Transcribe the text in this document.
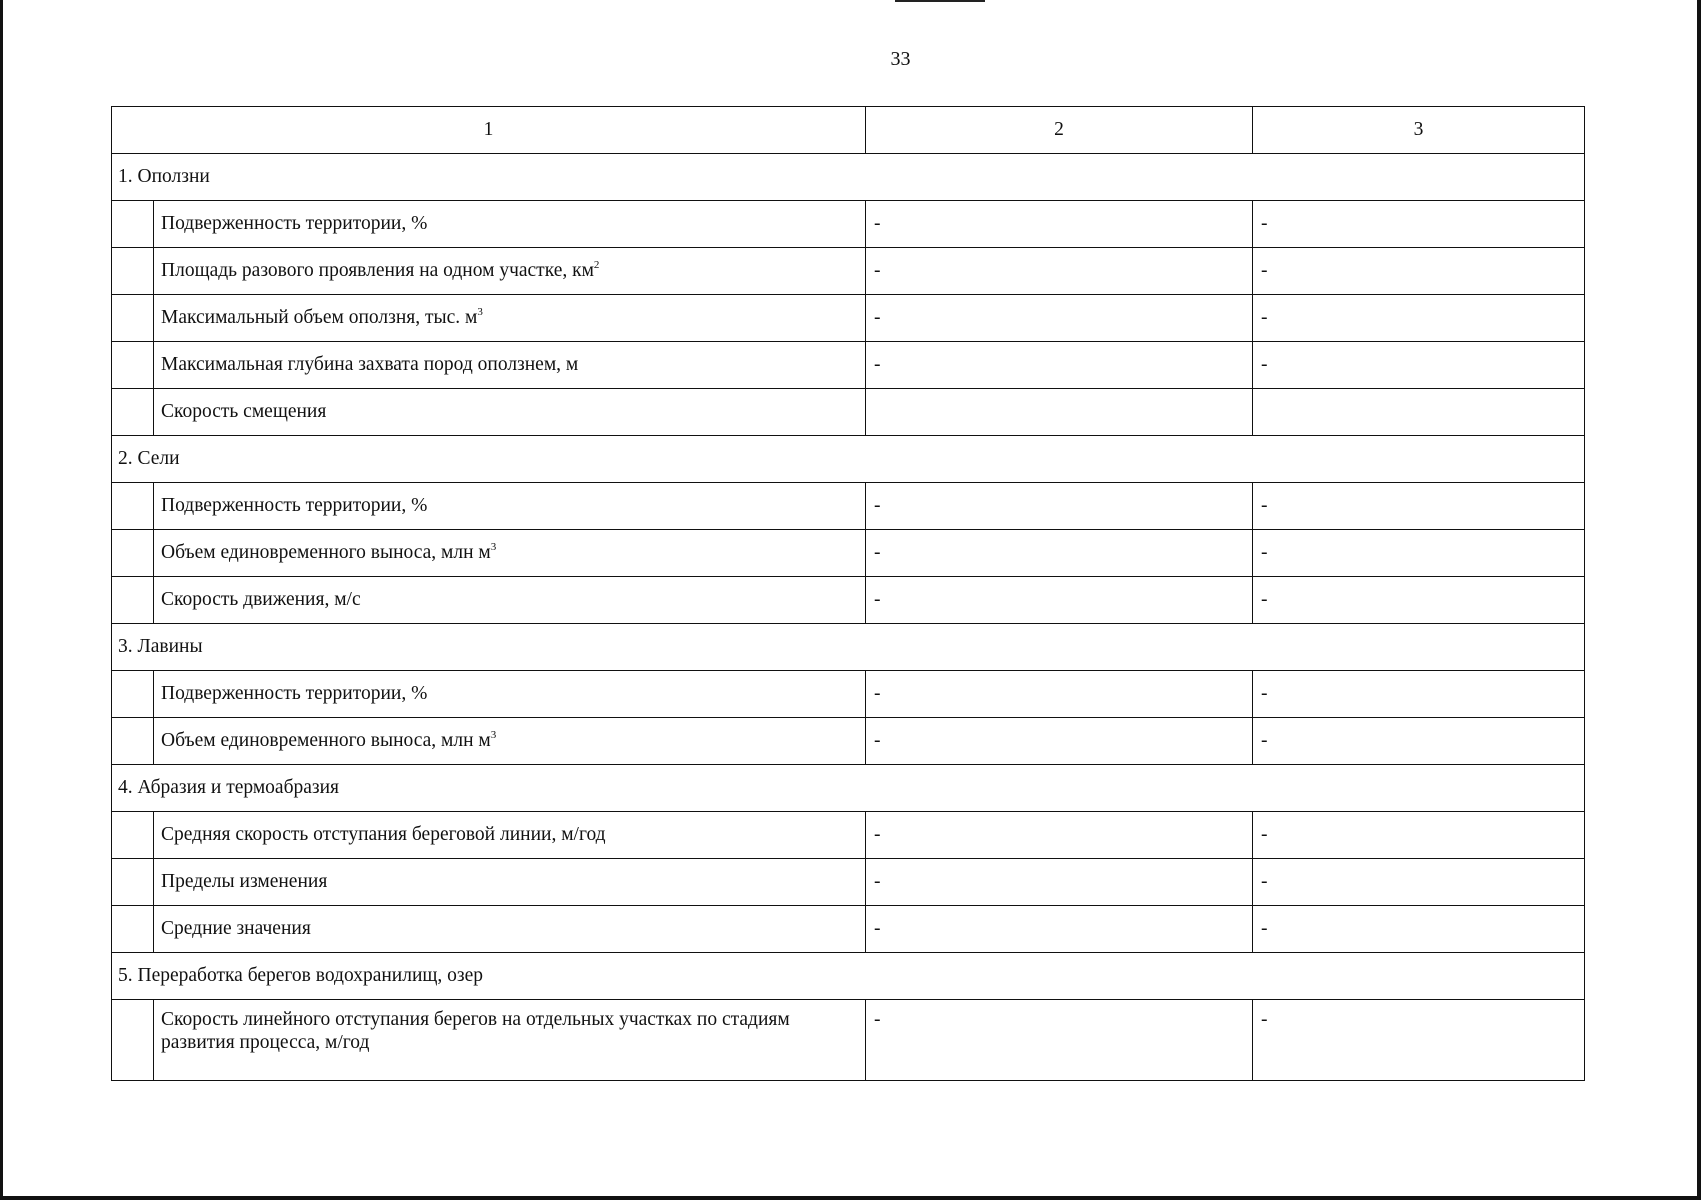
33
1		2	3
1. Оползни			
	Подверженность территории, %	-	-
	Площадь разового проявления на одном участке, $км^2$	-	-
	Максимальный объем оползня, тыс. $м^3$	-	-
	Максимальная глубина захвата пород оползнем, м	-	-
	Скорость смещения		
2. Сели			
	Подверженность территории, %	-	-
	Объем единовременного выноса, млн $м^3$	-	-
	Скорость движения, м/с	-	-
3. Лавины			
	Подверженность территории, %	-	-
	Объем единовременного выноса, млн $м^3$	-	-
4. Абразия и термоабразия			
	Средняя скорость отступания береговой линии, м/год	-	-
	Пределы изменения	-	-
	Средние значения	-	-
5. Переработка берегов водохранилищ, озер			
	Скорость линейного отступания берегов на отдельных участках по стадиям развития процесса, м/год	-	-
